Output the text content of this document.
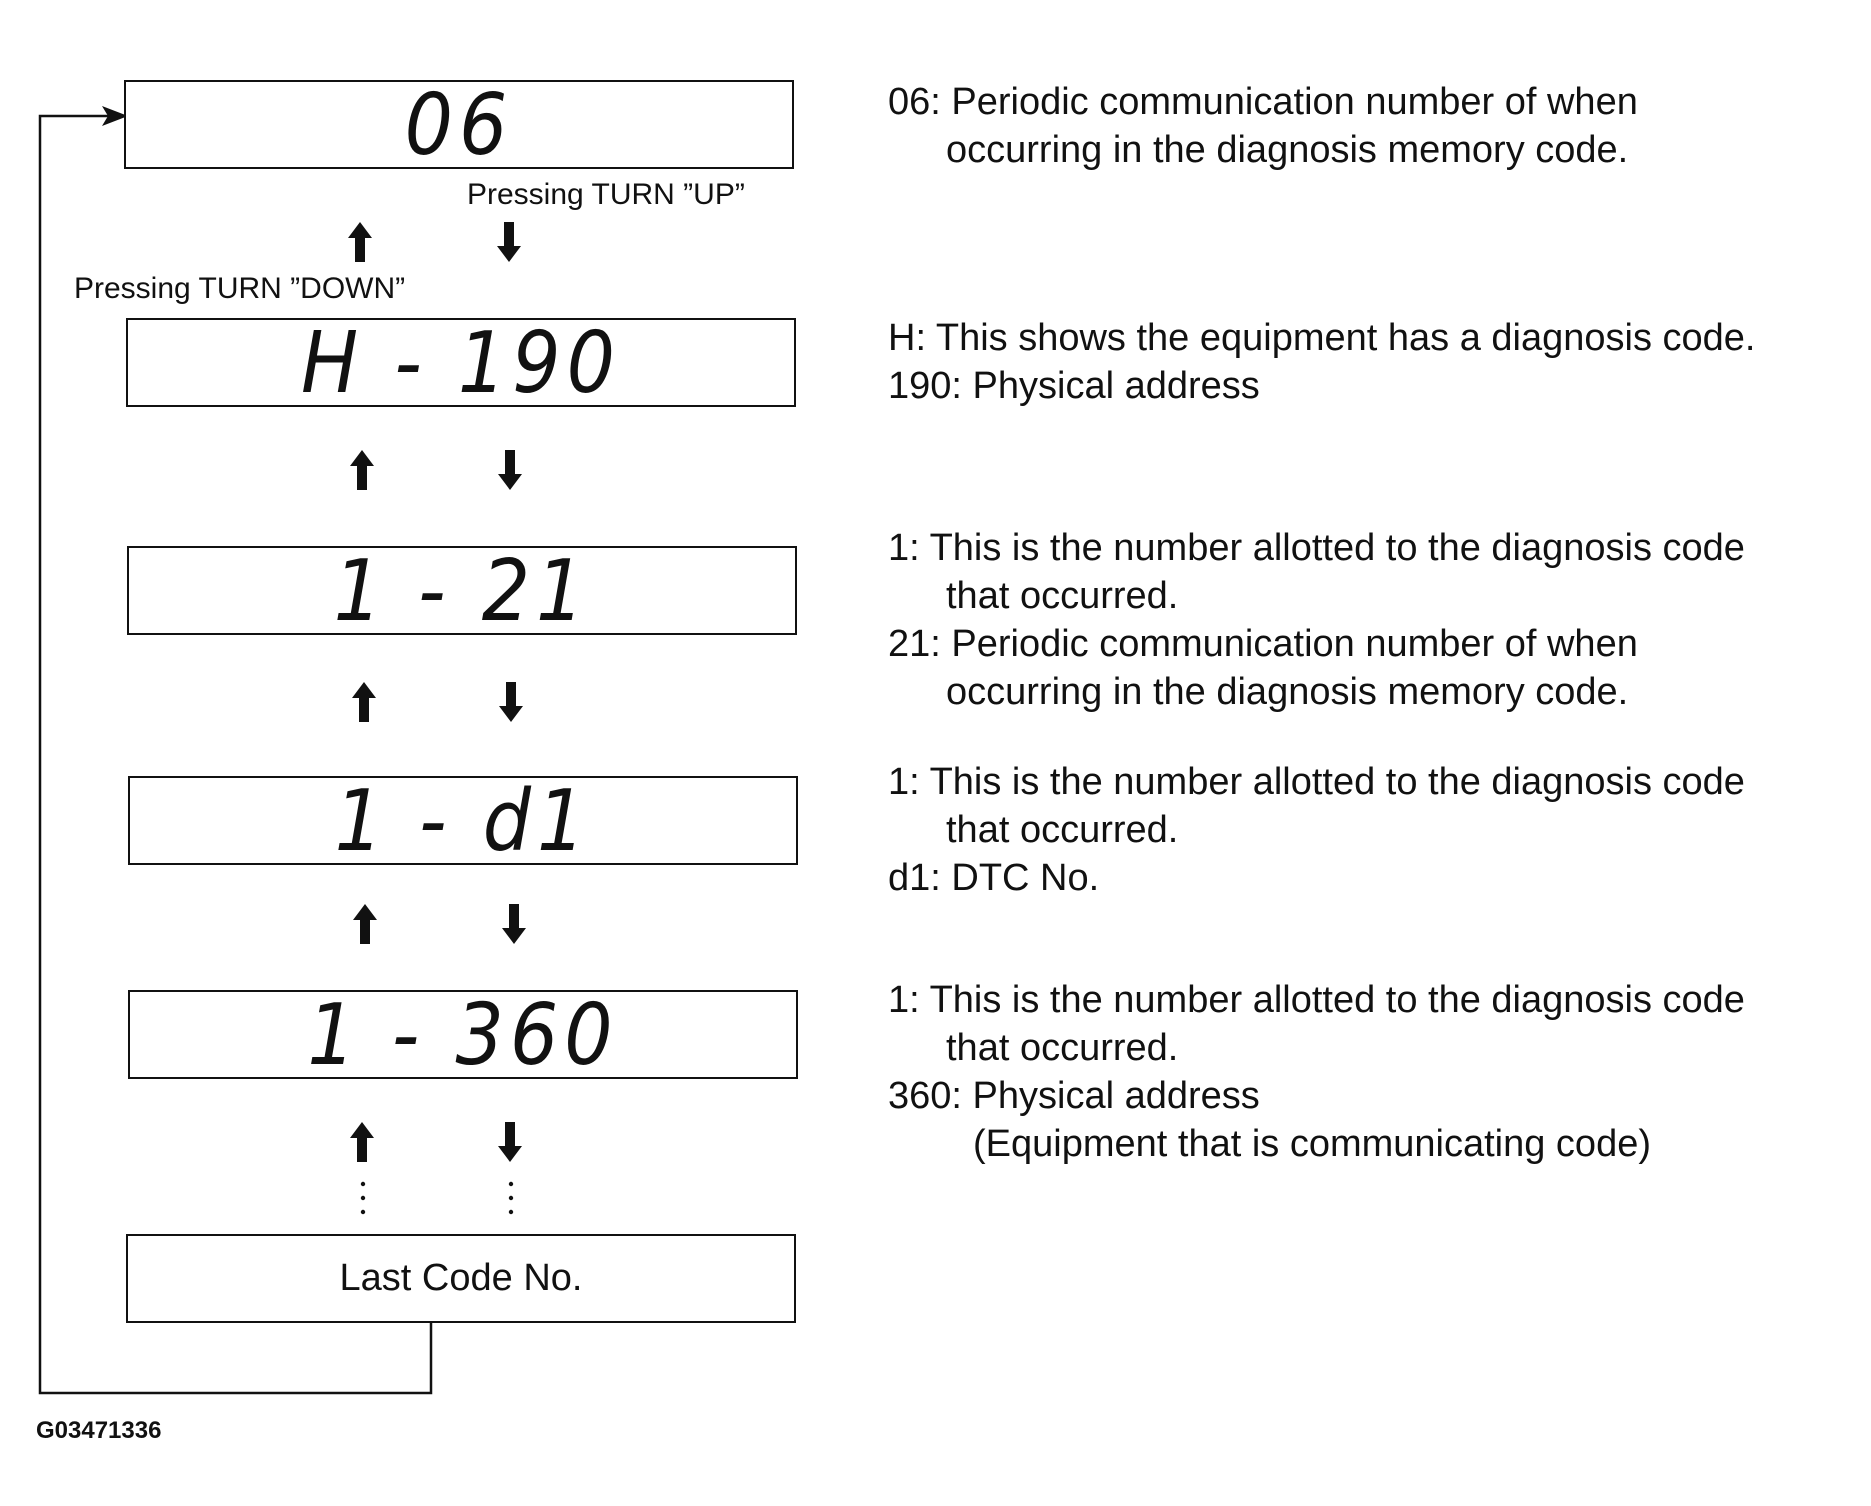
06
H - 190
1 - 21
1 - d1
1 - 360
Last Code No.
Pressing TURN ”UP”
Pressing TURN ”DOWN”
06: Periodic communication number of when
occurring in the diagnosis memory code.
H: This shows the equipment has a diagnosis code.
190: Physical address
1: This is the number allotted to the diagnosis code
that occurred.
21: Periodic communication number of when
occurring in the diagnosis memory code.
1: This is the number allotted to the diagnosis code
that occurred.
d1: DTC No.
1: This is the number allotted to the diagnosis code
that occurred.
360: Physical address
(Equipment that is communicating code)
G03471336
